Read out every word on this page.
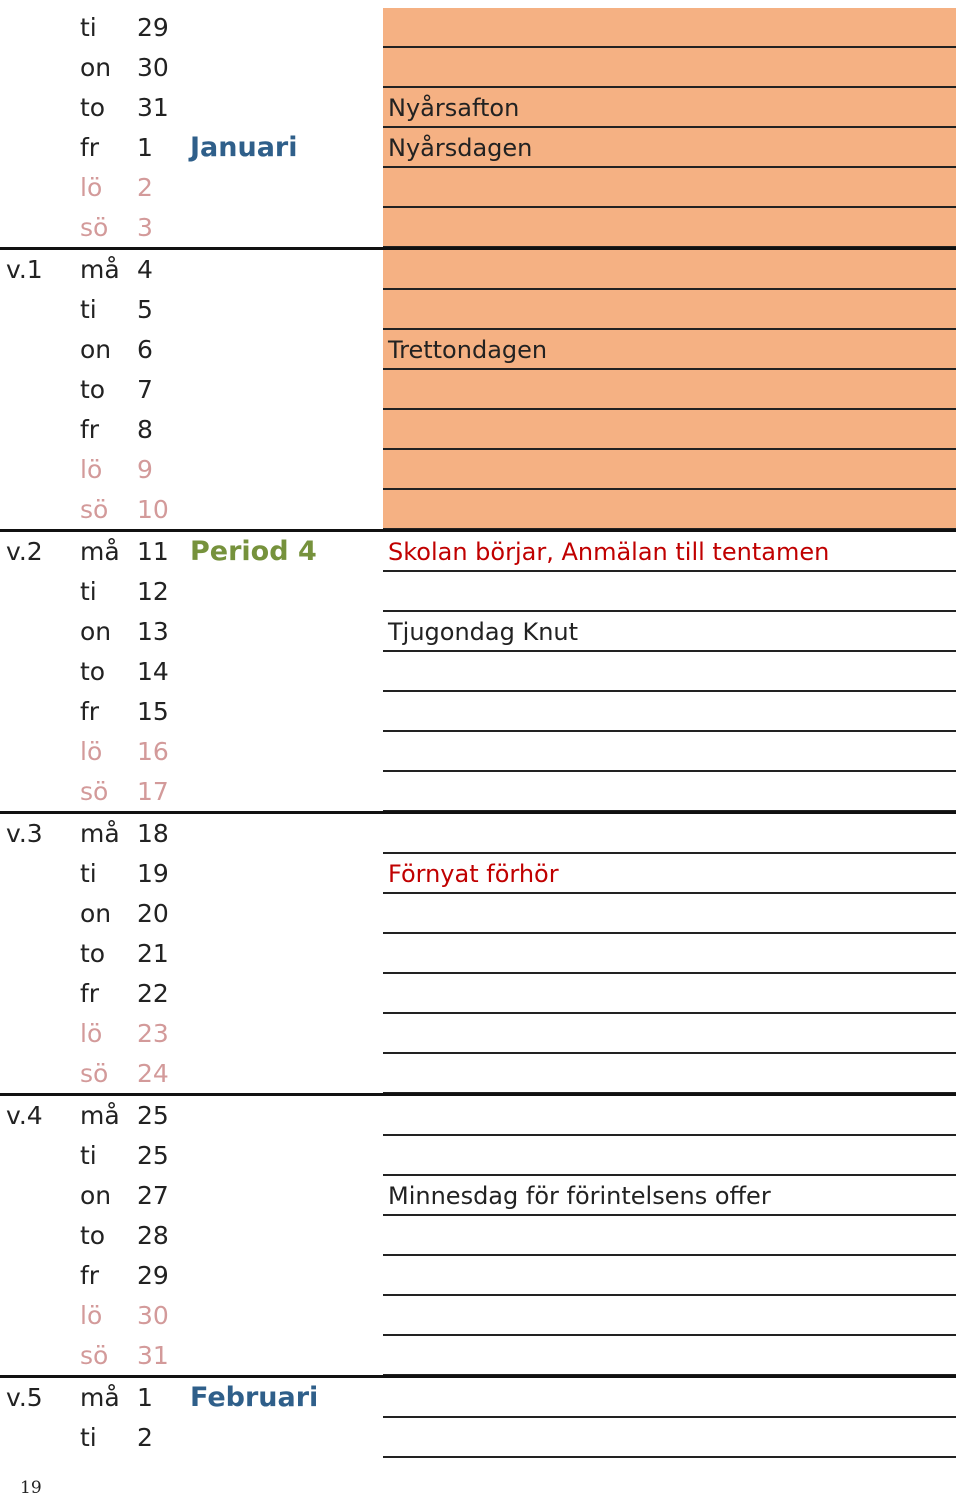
ti 29
on 30
Nyårsafton
to 31
Nyårsdagen
fr 1 Januari
lö 2
sö 3
v.1 må 4
ti 5
Trettondagen
on 6
to 7
fr 8
lö 9
sö 10
Skolan börjar, Anmälan till tentamen
v.2 må 11 Period 4
ti 12
Tjugondag Knut
on 13
to 14
fr 15
lö 16
sö 17
v.3 må 18
Förnyat förhör
ti 19
on 20
to 21
fr 22
lö 23
sö 24
v.4 må 25
ti 25
Minnesdag för förintelsens offer
on 27
to 28
fr 29
lö 30
sö 31
v.5 må 1 Februari
ti 2
19
